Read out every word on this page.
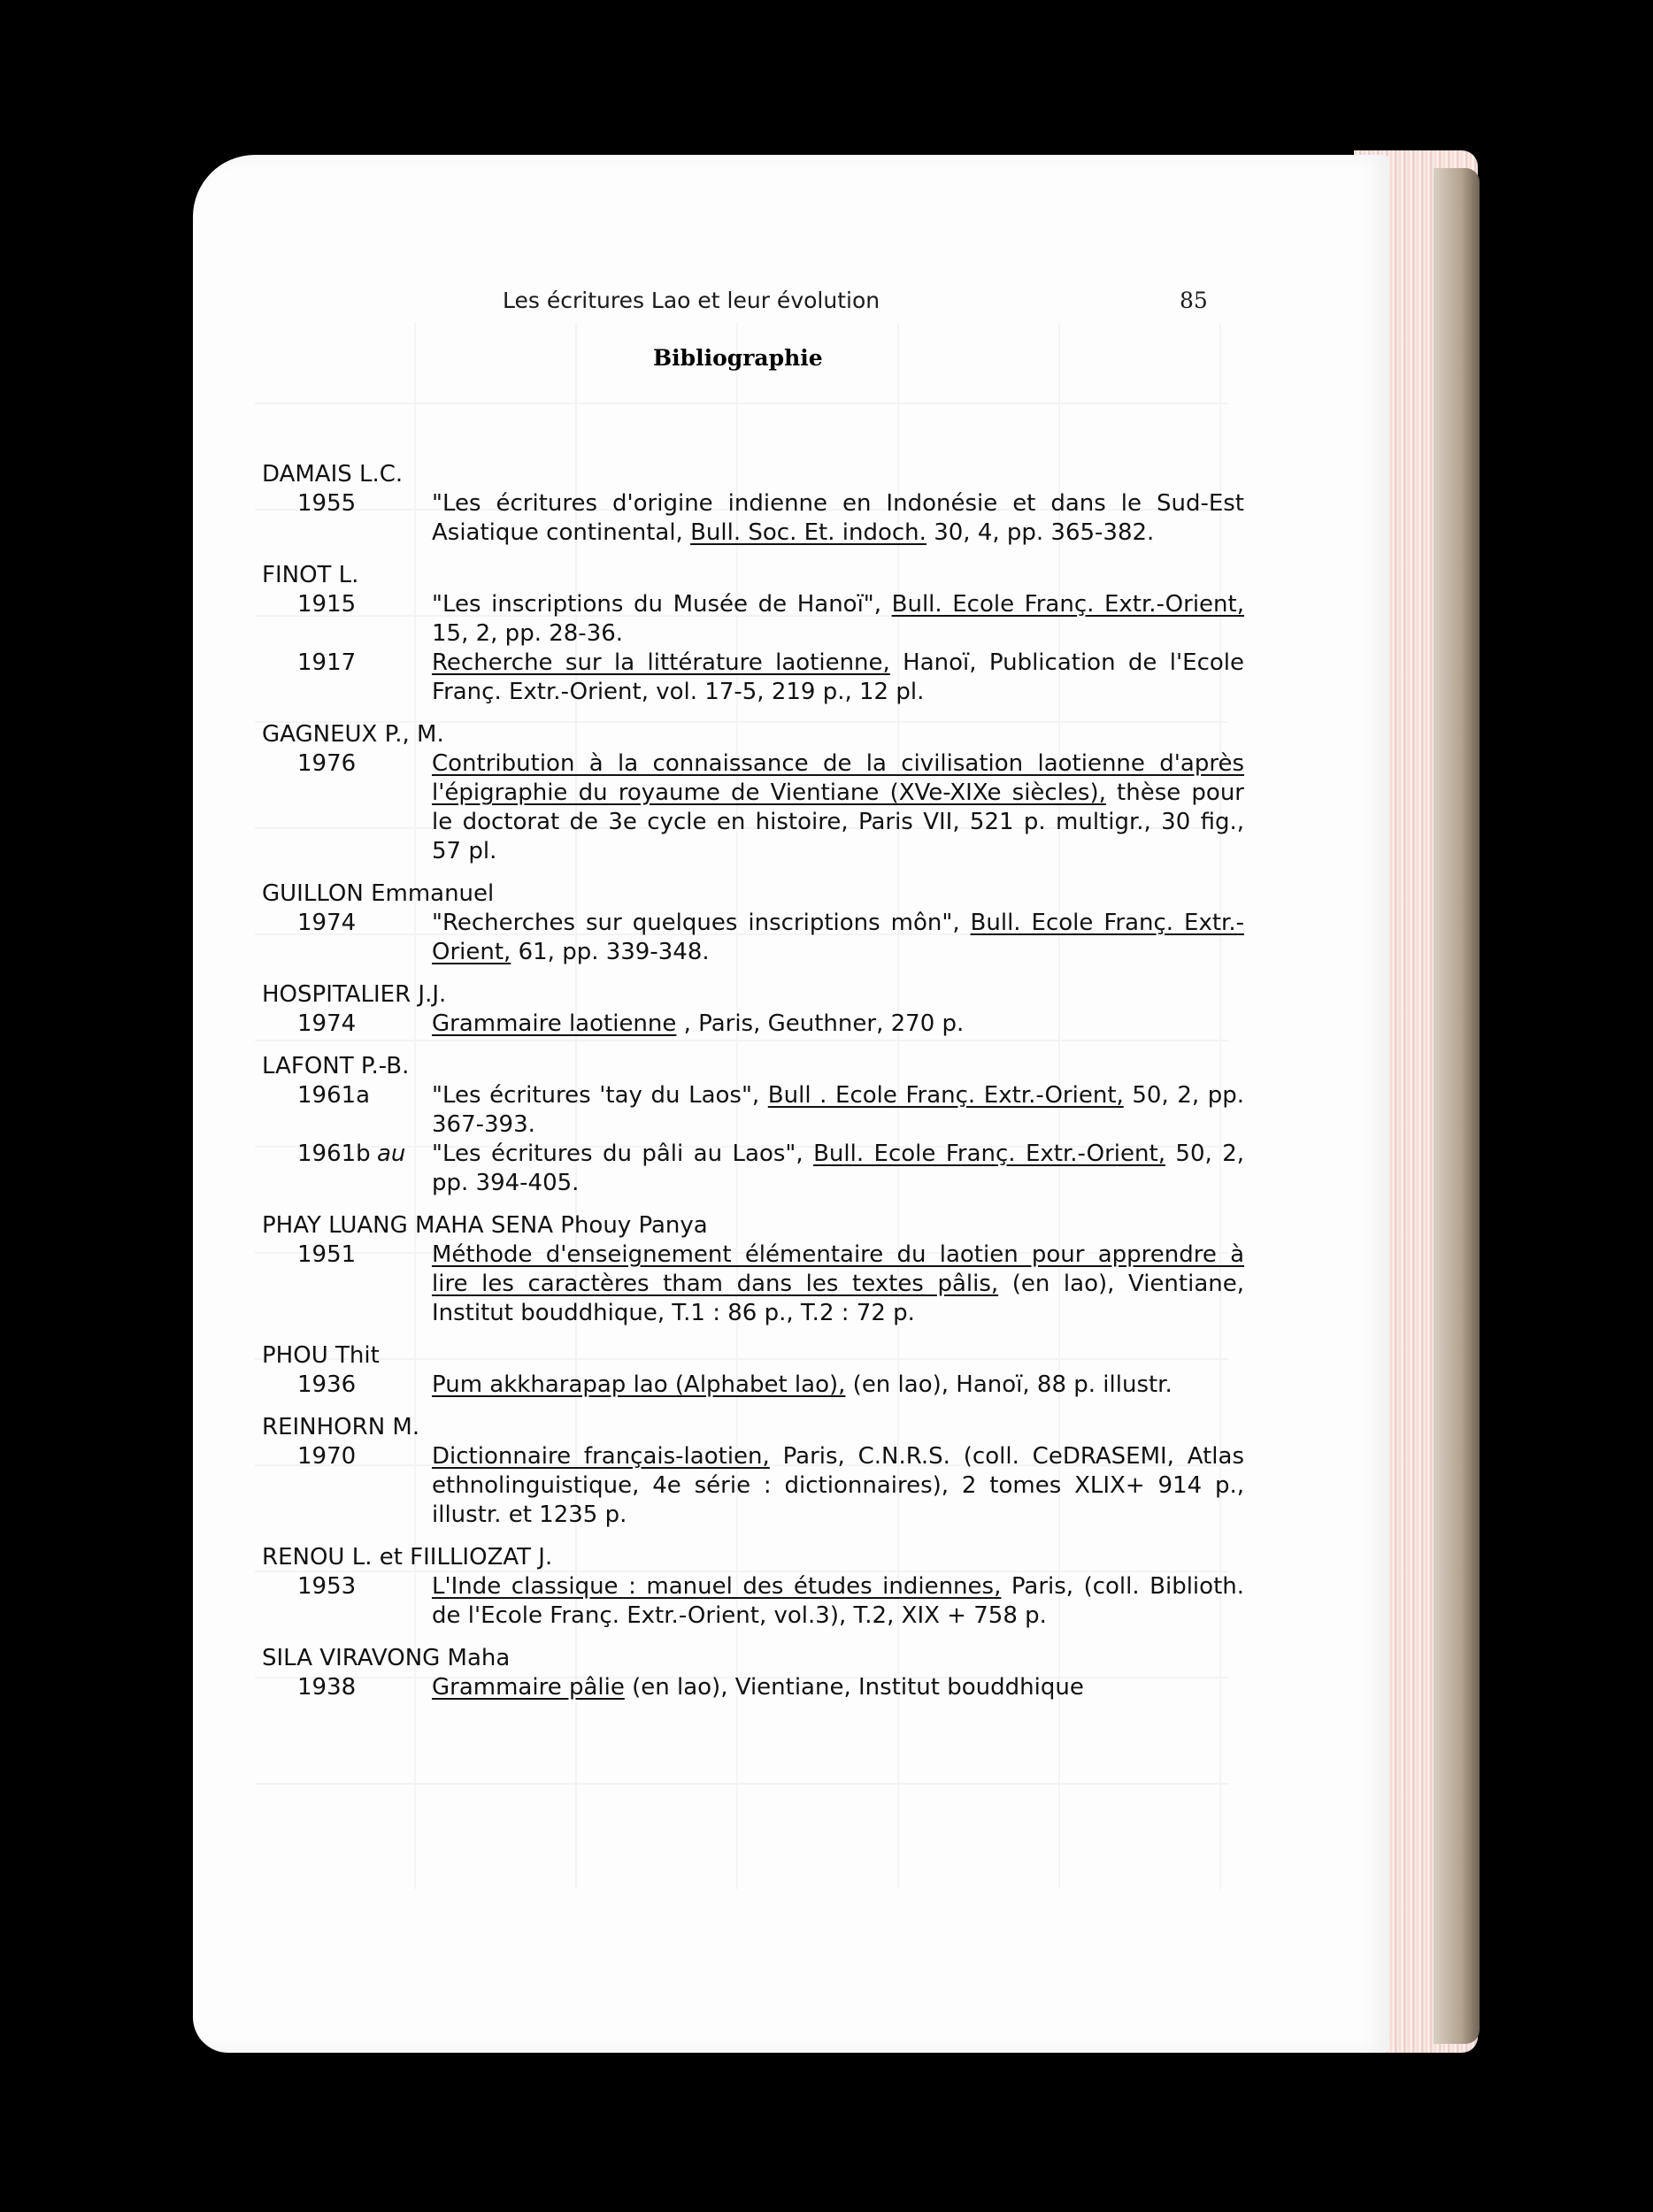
Les écritures Lao et leur évolution	85
Bibliographie
DAMAIS L.C.
1955	"Les écritures d'origine indienne en Indonésie et dans le Sud-Est Asiatique continental, Bull. Soc. Et. indoch. 30, 4, pp. 365-382.
FINOT L.
1915	"Les inscriptions du Musée de Hanoï", Bull. Ecole Franç. Extr.-Orient, 15, 2, pp. 28-36.
1917	Recherche sur la littérature laotienne, Hanoï, Publication de l'Ecole Franç. Extr.-Orient, vol. 17-5, 219 p., 12 pl.
GAGNEUX P., M.
1976	Contribution à la connaissance de la civilisation laotienne d'après l'épigraphie du royaume de Vientiane (XVe-XIXe siècles), thèse pour le doctorat de 3e cycle en histoire, Paris VII, 521 p. multigr., 30 fig., 57 pl.
GUILLON Emmanuel
1974	"Recherches sur quelques inscriptions môn", Bull. Ecole Franç. Extr.- Orient, 61, pp. 339-348.
HOSPITALIER J.J.
1974	Grammaire laotienne , Paris, Geuthner, 270 p.
LAFONT P.-B.
1961a	"Les écritures 'tay du Laos", Bull . Ecole Franç. Extr.-Orient, 50, 2, pp. 367-393.
1961b au	"Les écritures du pâli au Laos", Bull. Ecole Franç. Extr.-Orient, 50, 2, pp. 394-405.
PHAY LUANG MAHA SENA Phouy Panya
1951	Méthode d'enseignement élémentaire du laotien pour apprendre à lire les caractères tham dans les textes pâlis, (en lao), Vientiane, Institut bouddhique, T.1 : 86 p., T.2 : 72 p.
PHOU Thit
1936	Pum akkharapap lao (Alphabet lao), (en lao), Hanoï, 88 p. illustr.
REINHORN M.
1970	Dictionnaire français-laotien, Paris, C.N.R.S. (coll. CeDRASEMI, Atlas ethnolinguistique, 4e série : dictionnaires), 2 tomes XLIX+ 914 p., illustr. et 1235 p.
RENOU L. et FIILLIOZAT J.
1953	L'Inde classique : manuel des études indiennes, Paris, (coll. Biblioth. de l'Ecole Franç. Extr.-Orient, vol.3), T.2, XIX + 758 p.
SILA VIRAVONG Maha
1938	Grammaire pâlie (en lao), Vientiane, Institut bouddhique
